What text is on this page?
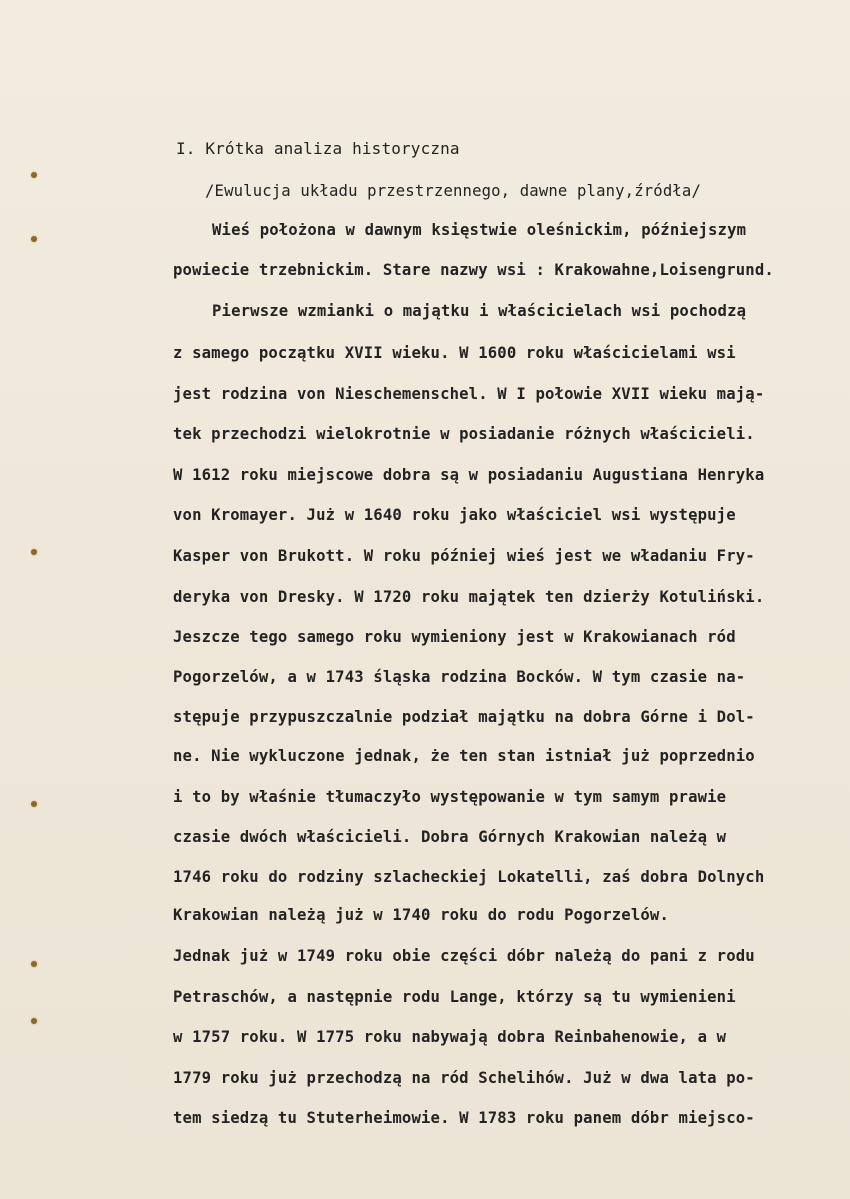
I. Krótka analiza historyczna
/Ewulucja układu przestrzennego, dawne plany,źródła/
Wieś położona w dawnym księstwie oleśnickim, późniejszym
powiecie trzebnickim. Stare nazwy wsi : Krakowahne,Loisengrund.
Pierwsze wzmianki o majątku i właścicielach wsi pochodzą
z samego początku XVII wieku. W 1600 roku właścicielami wsi
jest rodzina von Nieschemenschel. W I połowie XVII wieku mają-
tek przechodzi wielokrotnie w posiadanie różnych właścicieli.
W 1612 roku miejscowe dobra są w posiadaniu Augustiana Henryka
von Kromayer. Już w 1640 roku jako właściciel wsi występuje
Kasper von Brukott. W roku później wieś jest we władaniu Fry-
deryka von Dresky. W 1720 roku majątek ten dzierży Kotuliński.
Jeszcze tego samego roku wymieniony jest w Krakowianach ród
Pogorzelów, a w 1743 śląska rodzina Bocków. W tym czasie na-
stępuje przypuszczalnie podział majątku na dobra Górne i Dol-
ne. Nie wykluczone jednak, że ten stan istniał już poprzednio
i to by właśnie tłumaczyło występowanie w tym samym prawie
czasie dwóch właścicieli. Dobra Górnych Krakowian należą w
1746 roku do rodziny szlacheckiej Lokatelli, zaś dobra Dolnych
Krakowian należą już w 1740 roku do rodu Pogorzelów.
Jednak już w 1749 roku obie części dóbr należą do pani z rodu
Petraschów, a następnie rodu Lange, którzy są tu wymienieni
w 1757 roku. W 1775 roku nabywają dobra Reinbahenowie, a w
1779 roku już przechodzą na ród Schelihów. Już w dwa lata po-
tem siedzą tu Stuterheimowie. W 1783 roku panem dóbr miejsco-
